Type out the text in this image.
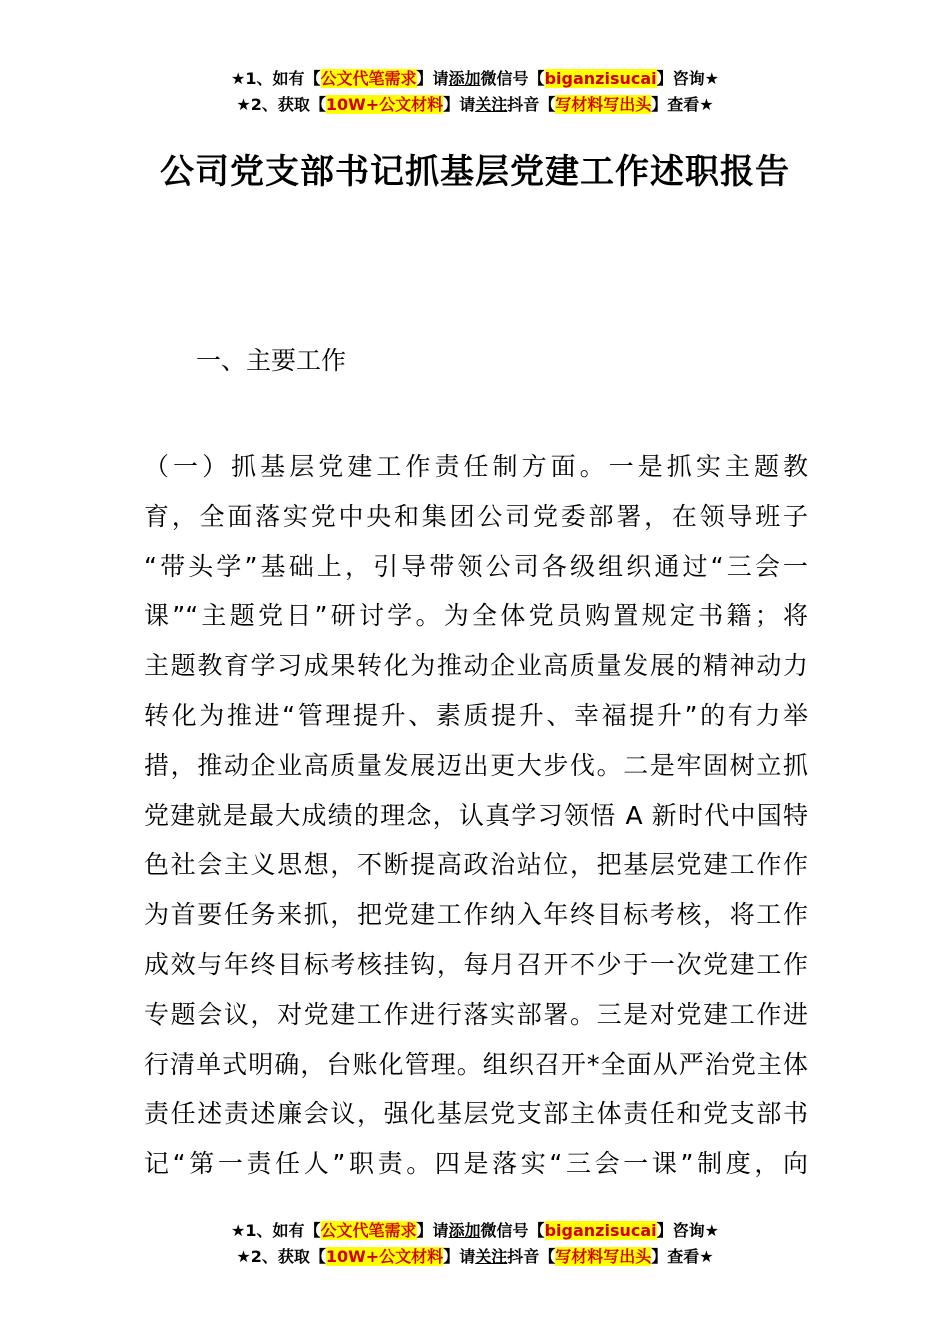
★1、如有【公文代笔需求】请添加微信号【biganzisucai】咨询★
★2、获取【10W+公文材料】请关注抖音【写材料写出头】查看★
公司党支部书记抓基层党建工作述职报告
一、主要工作
（一）抓基层党建工作责任制方面。一是抓实主题教
育，全面落实党中央和集团公司党委部署，在领导班子
“带头学”基础上，引导带领公司各级组织通过“三会一
课”“主题党日”研讨学。为全体党员购置规定书籍；将
主题教育学习成果转化为推动企业高质量发展的精神动力
转化为推进“管理提升、素质提升、幸福提升”的有力举
措，推动企业高质量发展迈出更大步伐。二是牢固树立抓
党建就是最大成绩的理念，认真学习领悟 A 新时代中国特
色社会主义思想，不断提高政治站位，把基层党建工作作
为首要任务来抓，把党建工作纳入年终目标考核，将工作
成效与年终目标考核挂钩，每月召开不少于一次党建工作
专题会议，对党建工作进行落实部署。三是对党建工作进
行清单式明确，台账化管理。组织召开*全面从严治党主体
责任述责述廉会议，强化基层党支部主体责任和党支部书
记“第一责任人”职责。四是落实“三会一课”制度，向
★1、如有【公文代笔需求】请添加微信号【biganzisucai】咨询★
★2、获取【10W+公文材料】请关注抖音【写材料写出头】查看★
